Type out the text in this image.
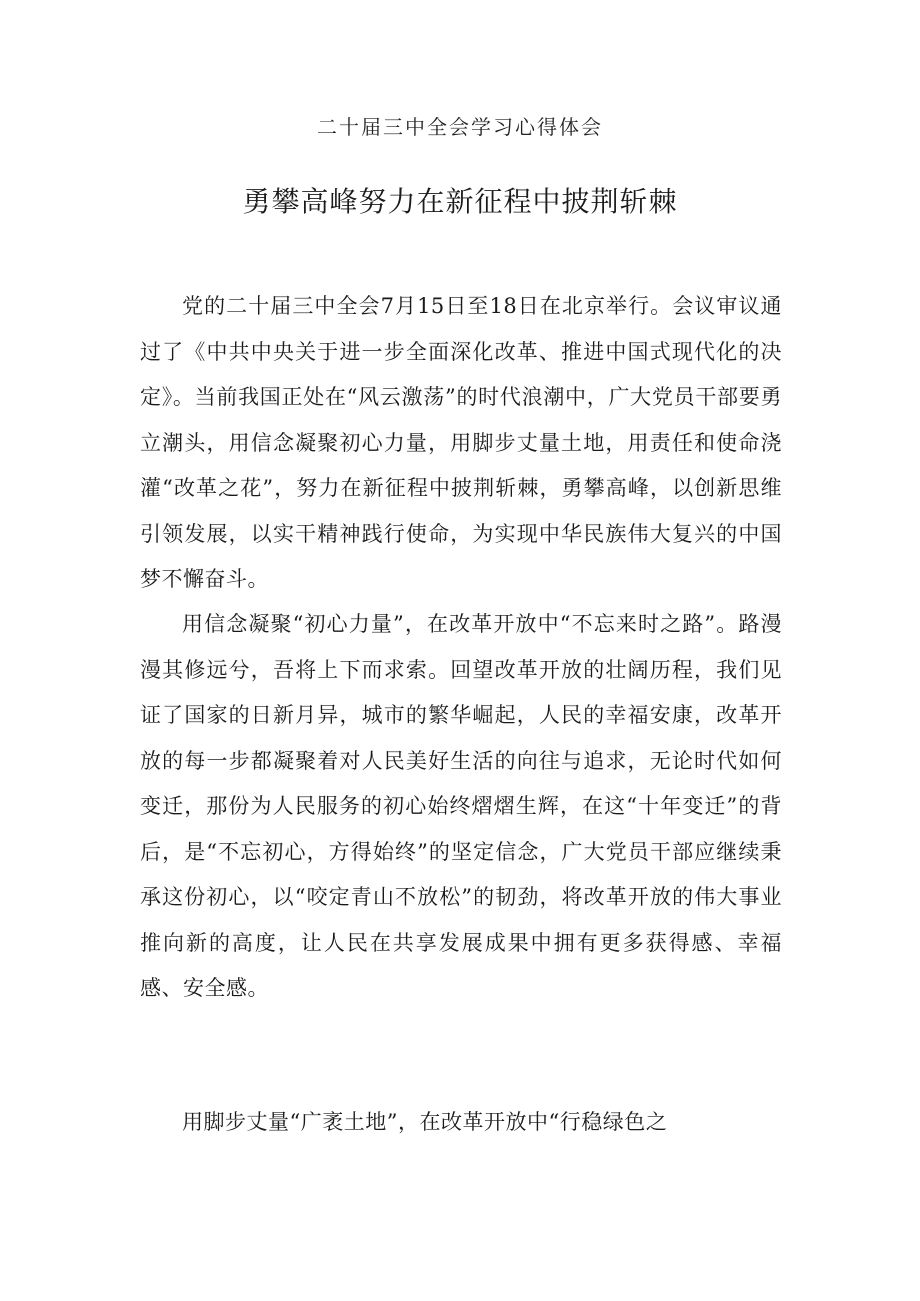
二十届三中全会学习心得体会
勇攀高峰努力在新征程中披荆斩棘

党的二十届三中全会7月15日至18日在北京举行。会议审议通过了《中共中央关于进一步全面深化改革、推进中国式现代化的决定》。当前我国正处在“风云激荡”的时代浪潮中，广大党员干部要勇立潮头，用信念凝聚初心力量，用脚步丈量土地，用责任和使命浇灌“改革之花”，努力在新征程中披荆斩棘，勇攀高峰，以创新思维引领发展，以实干精神践行使命，为实现中华民族伟大复兴的中国梦不懈奋斗。

用信念凝聚“初心力量”，在改革开放中“不忘来时之路”。路漫漫其修远兮，吾将上下而求索。回望改革开放的壮阔历程，我们见证了国家的日新月异，城市的繁华崛起，人民的幸福安康，改革开放的每一步都凝聚着对人民美好生活的向往与追求，无论时代如何变迁，那份为人民服务的初心始终熠熠生辉，在这“十年变迁”的背后，是“不忘初心，方得始终”的坚定信念，广大党员干部应继续秉承这份初心，以“咬定青山不放松”的韧劲，将改革开放的伟大事业推向新的高度，让人民在共享发展成果中拥有更多获得感、幸福感、安全感。

用脚步丈量“广袤土地”，在改革开放中“行稳绿色之
